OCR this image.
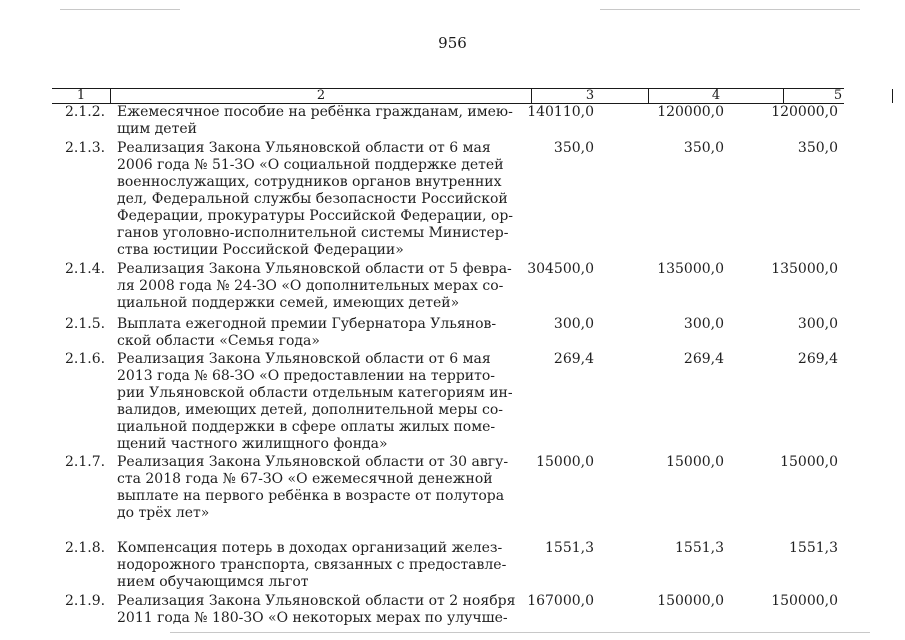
956
1	2	3	4	5
2.1.2. Ежемесячное пособие на ребёнка гражданам, имею-
щим детей
140110,0	120000,0	120000,0
2.1.3. Реализация Закона Ульяновской области от 6 мая
2006 года № 51-ЗО «О социальной поддержке детей
военнослужащих, сотрудников органов внутренних
дел, Федеральной службы безопасности Российской
Федерации, прокуратуры Российской Федерации, ор-
ганов уголовно-исполнительной системы Министер-
ства юстиции Российской Федерации»
350,0	350,0	350,0
2.1.4. Реализация Закона Ульяновской области от 5 февра-
ля 2008 года № 24-ЗО «О дополнительных мерах со-
циальной поддержки семей, имеющих детей»
304500,0	135000,0	135000,0
2.1.5. Выплата ежегодной премии Губернатора Ульянов-
ской области «Семья года»
300,0	300,0	300,0
2.1.6. Реализация Закона Ульяновской области от 6 мая
2013 года № 68-ЗО «О предоставлении на террито-
рии Ульяновской области отдельным категориям ин-
валидов, имеющих детей, дополнительной меры со-
циальной поддержки в сфере оплаты жилых поме-
щений частного жилищного фонда»
269,4	269,4	269,4
2.1.7. Реализация Закона Ульяновской области от 30 авгу-
ста 2018 года № 67-ЗО «О ежемесячной денежной
выплате на первого ребёнка в возрасте от полутора
до трёх лет»
15000,0	15000,0	15000,0
2.1.8. Компенсация потерь в доходах организаций желез-
нодорожного транспорта, связанных с предоставле-
нием обучающимся льгот
1551,3	1551,3	1551,3
2.1.9. Реализация Закона Ульяновской области от 2 ноября
2011 года № 180-ЗО «О некоторых мерах по улучше-
167000,0	150000,0	150000,0
